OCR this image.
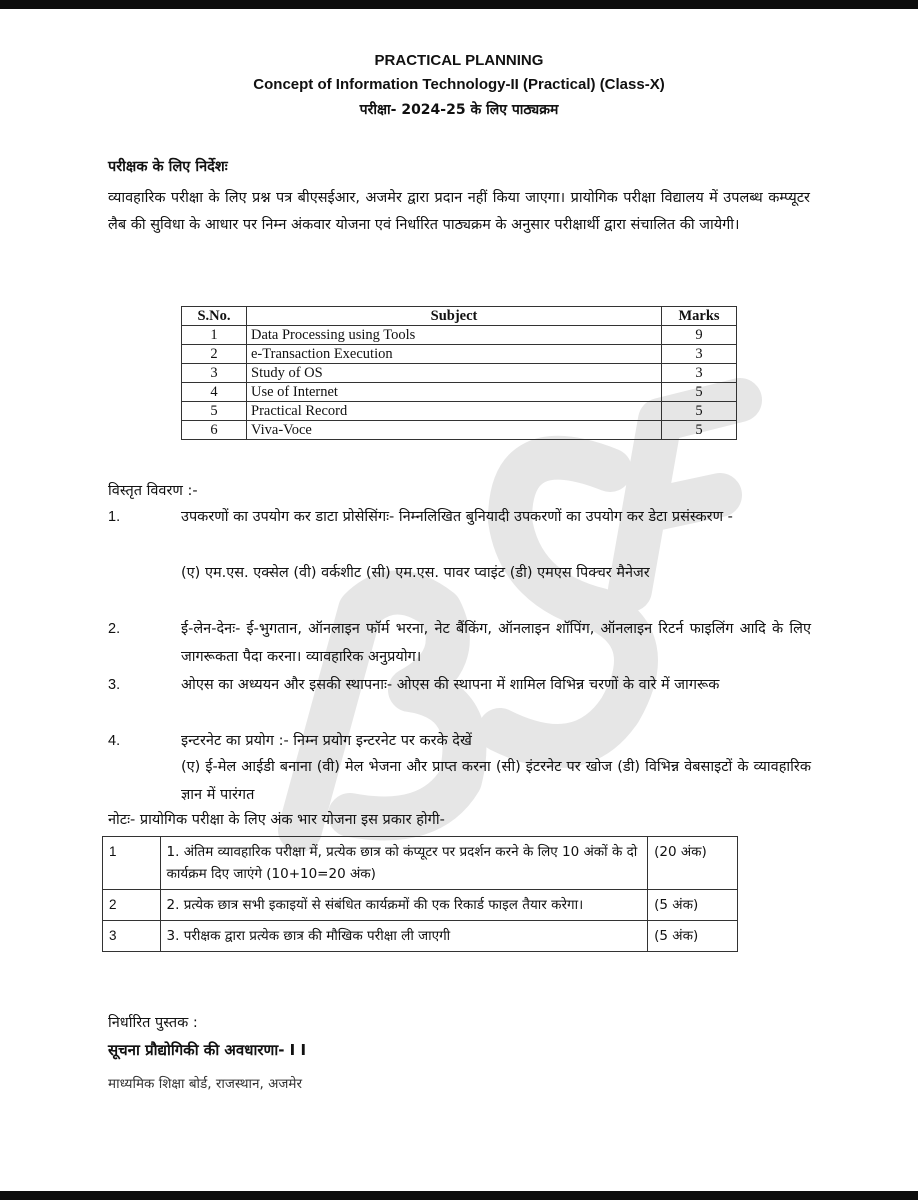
PRACTICAL PLANNING
Concept of Information Technology-II (Practical) (Class-X)
परीक्षा- 2024-25 के लिए पाठ्यक्रम
परीक्षक के लिए निर्देशः
व्यावहारिक परीक्षा के लिए प्रश्न पत्र बीएसईआर, अजमेर द्वारा प्रदान नहीं किया जाएगा। प्रायोगिक परीक्षा विद्यालय में उपलब्ध कम्प्यूटर लैब की सुविधा के आधार पर निम्न अंकवार योजना एवं निर्धारित पाठ्यक्रम के अनुसार परीक्षार्थी द्वारा संचालित की जायेगी।
S.No.	Subject	Marks
1	Data Processing using Tools	9
2	e-Transaction Execution	3
3	Study of OS	3
4	Use of Internet	5
5	Practical Record	5
6	Viva-Voce	5
विस्तृत विवरण :-
1.	उपकरणों का उपयोग कर डाटा प्रोसेसिंगः- निम्नलिखित बुनियादी उपकरणों का उपयोग कर डेटा प्रसंस्करण -
(ए) एम.एस. एक्सेल (वी) वर्कशीट (सी) एम.एस. पावर प्वाइंट (डी) एमएस पिक्चर मैनेजर
2.	ई-लेन-देनः- ई-भुगतान, ऑनलाइन फॉर्म भरना, नेट बैंकिंग, ऑनलाइन शॉपिंग, ऑनलाइन रिटर्न फाइलिंग आदि के लिए जागरूकता पैदा करना। व्यावहारिक अनुप्रयोग।
3.	ओएस का अध्ययन और इसकी स्थापनाः- ओएस की स्थापना में शामिल विभिन्न चरणों के वारे में जागरूक
4.	इन्टरनेट का प्रयोग :- निम्न प्रयोग इन्टरनेट पर करके देखें
(ए) ई-मेल आईडी बनाना (वी) मेल भेजना और प्राप्त करना (सी) इंटरनेट पर खोज (डी) विभिन्न वेबसाइटों के व्यावहारिक ज्ञान में पारंगत
नोटः- प्रायोगिक परीक्षा के लिए अंक भार योजना इस प्रकार होगी-
1	1. अंतिम व्यावहारिक परीक्षा में, प्रत्येक छात्र को कंप्यूटर पर प्रदर्शन करने के लिए 10 अंकों के दो कार्यक्रम दिए जाएंगे (10+10=20 अंक)	(20 अंक)
2	2. प्रत्येक छात्र सभी इकाइयों से संबंधित कार्यक्रमों की एक रिकार्ड फाइल तैयार करेगा।	(5 अंक)
3	3. परीक्षक द्वारा प्रत्येक छात्र की मौखिक परीक्षा ली जाएगी	(5 अंक)
निर्धारित पुस्तक :
सूचना प्रौद्योगिकी की अवधारणा- I I
माध्यमिक शिक्षा बोर्ड, राजस्थान, अजमेर
